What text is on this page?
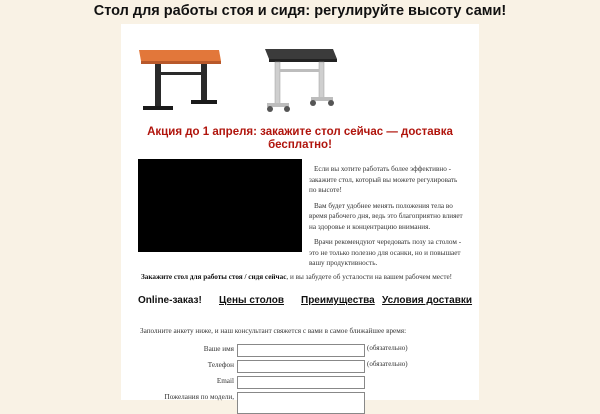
Стол для работы стоя и сидя: регулируйте высоту сами!
Акция до 1 апреля: закажите стол сейчас — доставка бесплатно!

Если вы хотите работать более эффективно - закажите стол, который вы можете регулировать по высоте!

Вам будет удобнее менять положения тела во время рабочего дня, ведь это благоприятно влияет на здоровье и концентрацию внимания.

Врачи рекомендуют чередовать позу за столом - это не только полезно для осанки, но и повышает вашу продуктивность.

Закажите стол для работы стоя / сидя сейчас, и вы забудете об усталости на вашем рабочем месте!
Online-заказ! Цены столов Преимущества Условия доставки
Заполните анкету ниже, и наш консультант свяжется с вами в самое ближайшее время:
Ваше имя	(обязательно)
Телефон	(обязательно)
Email
Пожелания по модели,
